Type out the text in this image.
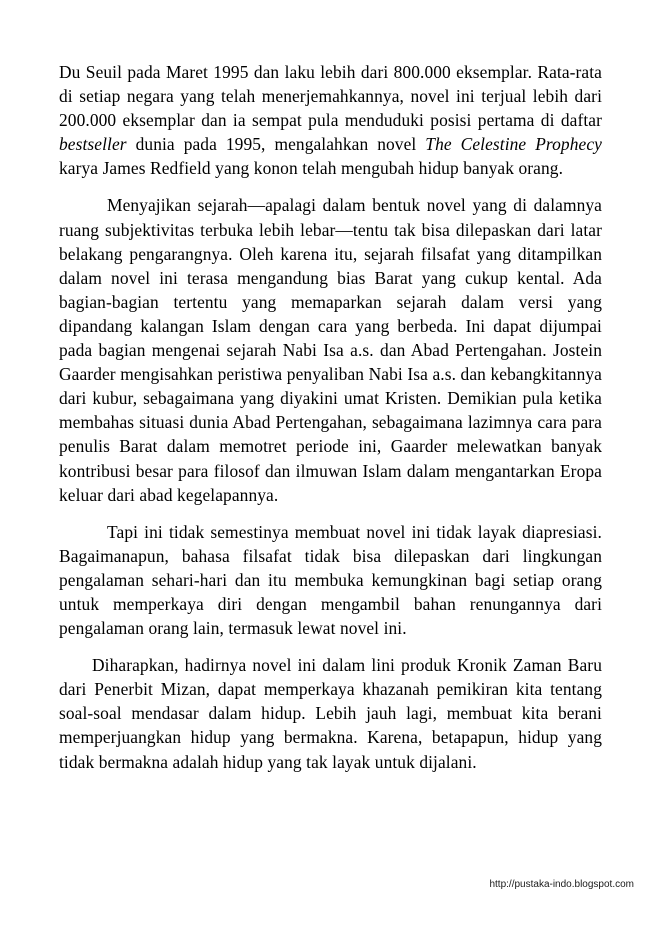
Du Seuil pada Maret 1995 dan laku lebih dari 800.000 eksemplar. Rata-rata di setiap negara yang telah menerjemahkannya, novel ini terjual lebih dari 200.000 eksemplar dan ia sempat pula menduduki posisi pertama di daftar bestseller dunia pada 1995, mengalahkan novel The Celestine Prophecy karya James Redfield yang konon telah mengubah hidup banyak orang.

Menyajikan sejarah—apalagi dalam bentuk novel yang di dalamnya ruang subjektivitas terbuka lebih lebar—tentu tak bisa dilepaskan dari latar belakang pengarangnya. Oleh karena itu, sejarah filsafat yang ditampilkan dalam novel ini terasa mengandung bias Barat yang cukup kental. Ada bagian-bagian tertentu yang memaparkan sejarah dalam versi yang dipandang kalangan Islam dengan cara yang berbeda. Ini dapat dijumpai pada bagian mengenai sejarah Nabi Isa a.s. dan Abad Pertengahan. Jostein Gaarder mengisahkan peristiwa penyaliban Nabi Isa a.s. dan kebangkitannya dari kubur, sebagaimana yang diyakini umat Kristen. Demikian pula ketika membahas situasi dunia Abad Pertengahan, sebagaimana lazimnya cara para penulis Barat dalam memotret periode ini, Gaarder melewatkan banyak kontribusi besar para filosof dan ilmuwan Islam dalam mengantarkan Eropa keluar dari abad kegelapannya.

Tapi ini tidak semestinya membuat novel ini tidak layak diapresiasi. Bagaimanapun, bahasa filsafat tidak bisa dilepaskan dari lingkungan pengalaman sehari-hari dan itu membuka kemungkinan bagi setiap orang untuk memperkaya diri dengan mengambil bahan renungannya dari pengalaman orang lain, termasuk lewat novel ini.

Diharapkan, hadirnya novel ini dalam lini produk Kronik Zaman Baru dari Penerbit Mizan, dapat memperkaya khazanah pemikiran kita tentang soal-soal mendasar dalam hidup. Lebih jauh lagi, membuat kita berani memperjuangkan hidup yang bermakna. Karena, betapapun, hidup yang tidak bermakna adalah hidup yang tak layak untuk dijalani.

http://pustaka-indo.blogspot.com
